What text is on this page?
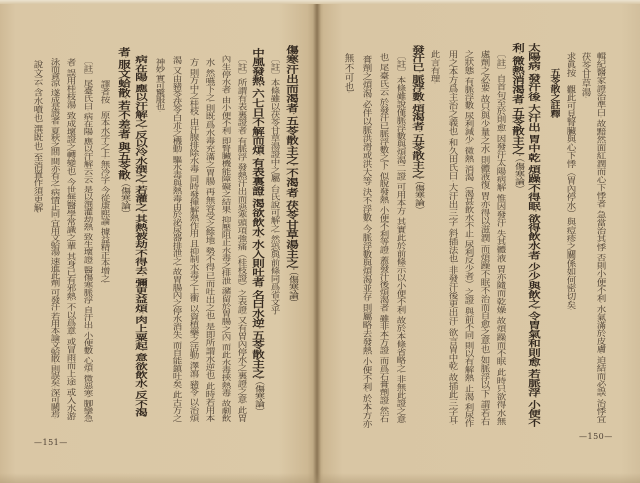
傷寒汗出而渴者。五苓散主之。不渴者。茯苓甘草湯主之。（傷寒論）
〔註〕本條雖以茯苓甘草湯證中之屬。台氏說可解之。然恐與前條同爲省文乎。
中風發熱。六七日不解而煩。有表裏證。渴欲飲水。水入則吐者。名曰水逆。五苓散主之。（傷寒論）
〔註〕所謂有表裏證者。有脈浮。發熱汗出而惡寒頭項強痛（桂枝證）之表證。又有胃內停水之裏證之意。此胃
內生停水者。由小便不利。即腎臟機能障礙之結果。抑壓阻止水毒之排泄。瀦留於胃腸之內。而此水毒挾熱毒。故劇飲
水。然嚥下之。則既爲水毒充滿之胃腸。再無容受之餘地。勢不得已而吐出之也。是即所謂水逆也。此時若用本
方。則方中之桂枝。由汗腺排除水毒。同時發揮解熱作用。且抑制水毒之上衝。以資植藥之活動。澤瀉。豬苓。以治煩
渴。又由豬苓茯苓白朮之機動。驅水毒與熱毒由於泌尿器排泄之。故胃腸內之停水消失。而自能鎮吐矣。此古方之
神妙。實可驚服也。
病在陽。應以汗解之。反以冷水潠之。若灌之。其熱被劫不得去。彌更益煩。肉上粟起。意欲飲水。反不渴
者。服文蛤散。若不差者。與五苓散。（傷寒論）
譯者按　原本水字之上。無冷字。今從康熙論。據益精正本增之。
〔註〕尾臺氏曰。病在陽。應以汗解云云。是以潠灌劫熱。致生壞證。醫傷寒脈浮。自汗出。小便數。心煩。微惡寒。腳攣急
者。誤用桂枝湯。致成壞證之轉變也。今世無醫學常識之輩。其身已有邪熱。不以爲意。或冒雨而上途。或入水游
泳而貪涼。遂成是證者。夏秋之間。間亦有之。病情正同。宜用文蛤湯。速進此劑。可發汗。若用本論文蛤散。則誤矣。深可闕焉。
說文云。含水噴也。潠既也。至消置作須更解。
—151—
輯紀醫家證治準曰。故黯然面紅潤而心下悸者。急當治其悸。否則小便不利。水氣滿於皮膚。迫結而必誤。治悸宜
茯苓甘草湯。
求眞按　觀此可見腎臟與心下悸（胃內停水）與痘疹之關係如何密切矣。
五苓散之註釋
太陽病。發汗後。大汗出。胃中乾。煩躁不得眠。欲得飲水者。少少與飲之。令胃氣和則愈。若脈浮。小便不
利。微熱消渴者。五苓散主之。（傷寒論）
〔註〕自首句至於則愈。因發汗太陽病解。惟因發汗。失其體液。胃亦隨而乾燥。故煩躁而不眠。此時只欲得水無
處劑之必要。故只與少量之水。則體液復。胃亦得以滋潤。而煩躁不眠不治而自愈之意也。如脈浮以下。謂若右
之狀態。有脈浮數。尿利減少。微熱。消渴（渴甚飲水不止。尿利反少者）之證。與前不同。則以有解熱。止渴。利尿作
用之本方爲主治之義也。和久田氏曰。大汗出三字。斜插法也。非發汗後更出汗。欲言胃中乾。故插此三字耳。
此言有理。
發汗已。脈浮數。煩渴者。五苓散主之。（傷寒論）
〔註〕本條雖說僅脈浮數與煩渴二證。可用本方。其實此於前條示以小便不利。故於本條省略之。非無此證之意
也。尾臺氏云。於發汗已脈浮數之下。似脫發熱。小便不利等證。蓋發汗後煩渴者。雖非本方證。而爲石膏劑證。然石
膏劑之煩渴。必伴以脈洪滑或洪大等。決不浮數。今脈浮數與煩渴並存。則屬略去發熱。小便不利。於本方亦
無不可也。
—150—
